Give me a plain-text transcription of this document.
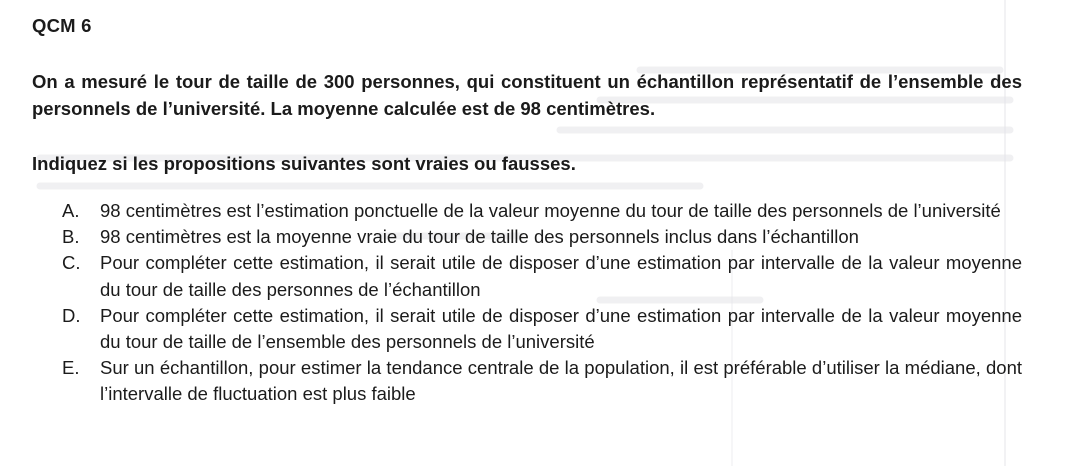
QCM 6

On a mesuré le tour de taille de 300 personnes, qui constituent un échantillon représentatif de l’ensemble des personnels de l’université. La moyenne calculée est de 98 centimètres.

Indiquez si les propositions suivantes sont vraies ou fausses.

A.	98 centimètres est l’estimation ponctuelle de la valeur moyenne du tour de taille des personnels de l’université
B.	98 centimètres est la moyenne vraie du tour de taille des personnels inclus dans l’échantillon
C.	Pour compléter cette estimation, il serait utile de disposer d’une estimation par intervalle de la valeur moyenne du tour de taille des personnes de l’échantillon
D.	Pour compléter cette estimation, il serait utile de disposer d’une estimation par intervalle de la valeur moyenne du tour de taille de l’ensemble des personnels de l’université
E.	Sur un échantillon, pour estimer la tendance centrale de la population, il est préférable d’utiliser la médiane, dont l’intervalle de fluctuation est plus faible
